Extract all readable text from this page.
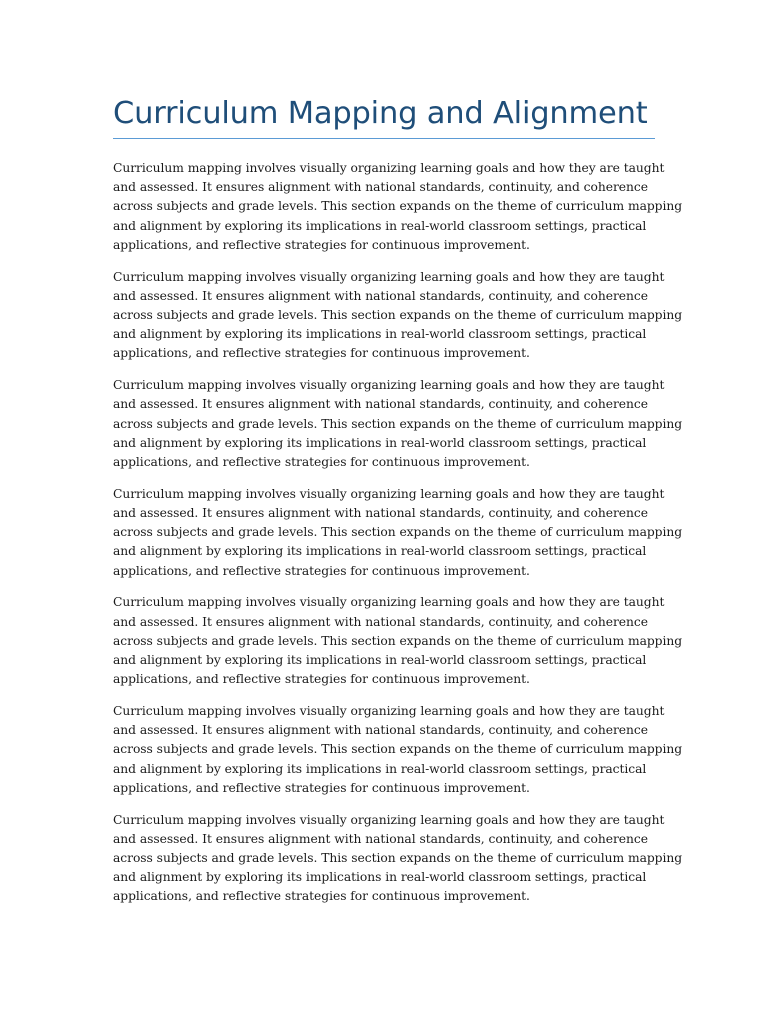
Curriculum Mapping and Alignment

Curriculum mapping involves visually organizing learning goals and how they are taught
and assessed. It ensures alignment with national standards, continuity, and coherence
across subjects and grade levels. This section expands on the theme of curriculum mapping
and alignment by exploring its implications in real-world classroom settings, practical
applications, and reflective strategies for continuous improvement.

Curriculum mapping involves visually organizing learning goals and how they are taught
and assessed. It ensures alignment with national standards, continuity, and coherence
across subjects and grade levels. This section expands on the theme of curriculum mapping
and alignment by exploring its implications in real-world classroom settings, practical
applications, and reflective strategies for continuous improvement.

Curriculum mapping involves visually organizing learning goals and how they are taught
and assessed. It ensures alignment with national standards, continuity, and coherence
across subjects and grade levels. This section expands on the theme of curriculum mapping
and alignment by exploring its implications in real-world classroom settings, practical
applications, and reflective strategies for continuous improvement.

Curriculum mapping involves visually organizing learning goals and how they are taught
and assessed. It ensures alignment with national standards, continuity, and coherence
across subjects and grade levels. This section expands on the theme of curriculum mapping
and alignment by exploring its implications in real-world classroom settings, practical
applications, and reflective strategies for continuous improvement.

Curriculum mapping involves visually organizing learning goals and how they are taught
and assessed. It ensures alignment with national standards, continuity, and coherence
across subjects and grade levels. This section expands on the theme of curriculum mapping
and alignment by exploring its implications in real-world classroom settings, practical
applications, and reflective strategies for continuous improvement.

Curriculum mapping involves visually organizing learning goals and how they are taught
and assessed. It ensures alignment with national standards, continuity, and coherence
across subjects and grade levels. This section expands on the theme of curriculum mapping
and alignment by exploring its implications in real-world classroom settings, practical
applications, and reflective strategies for continuous improvement.

Curriculum mapping involves visually organizing learning goals and how they are taught
and assessed. It ensures alignment with national standards, continuity, and coherence
across subjects and grade levels. This section expands on the theme of curriculum mapping
and alignment by exploring its implications in real-world classroom settings, practical
applications, and reflective strategies for continuous improvement.
